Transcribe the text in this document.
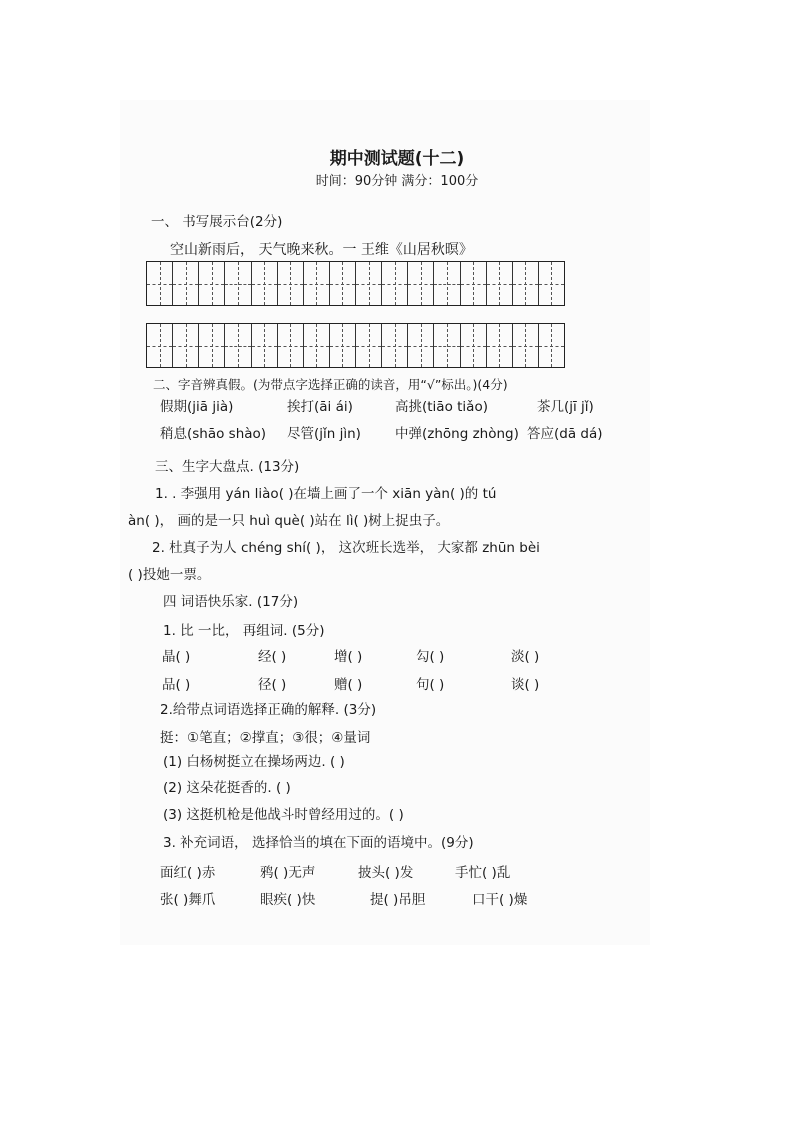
期中测试题(十二)
时间：90分钟 满分：100分
一、 书写展示台(2分)
空山新雨后， 天气晚来秋。一 王维《山居秋暝》
二、字音辨真假。(为带点字选择正确的读音，用“√”标出。)(4分)
假期(jiā jià)	挨打(āi ái)	高挑(tiāo tiǎo)	茶几(jī jǐ)
稍息(shāo shào) 尽管(jǐn jìn)	中弹(zhōng zhòng) 答应(dā dá)
三、生字大盘点. (13分)
1. . 李强用 yán liào( )在墙上画了一个 xiān yàn( )的 tú
àn( )， 画的是一只 huì què( )站在 lì( )树上捉虫子。
2. 杜真子为人 chéng shí( )， 这次班长选举， 大家都 zhūn bèi
( )投她一票。
四 词语快乐家. (17分)
1. 比 一比， 再组词. (5分)
晶( )	经( )	增( )	勾( )	淡( )
品( )	径( )	赠( )	句( )	谈( )
2.给带点词语选择正确的解释. (3分)
挺：①笔直；②撑直；③很；④量词
(1) 白杨树挺立在操场两边. ( )
(2) 这朵花挺香的. ( )
(3) 这挺机枪是他战斗时曾经用过的。( )
3. 补充词语， 选择恰当的填在下面的语境中。(9分)
面红( )赤	鸦( )无声	披头( )发	手忙( )乱
张( )舞爪	眼疾( )快	提( )吊胆	口干( )燥
